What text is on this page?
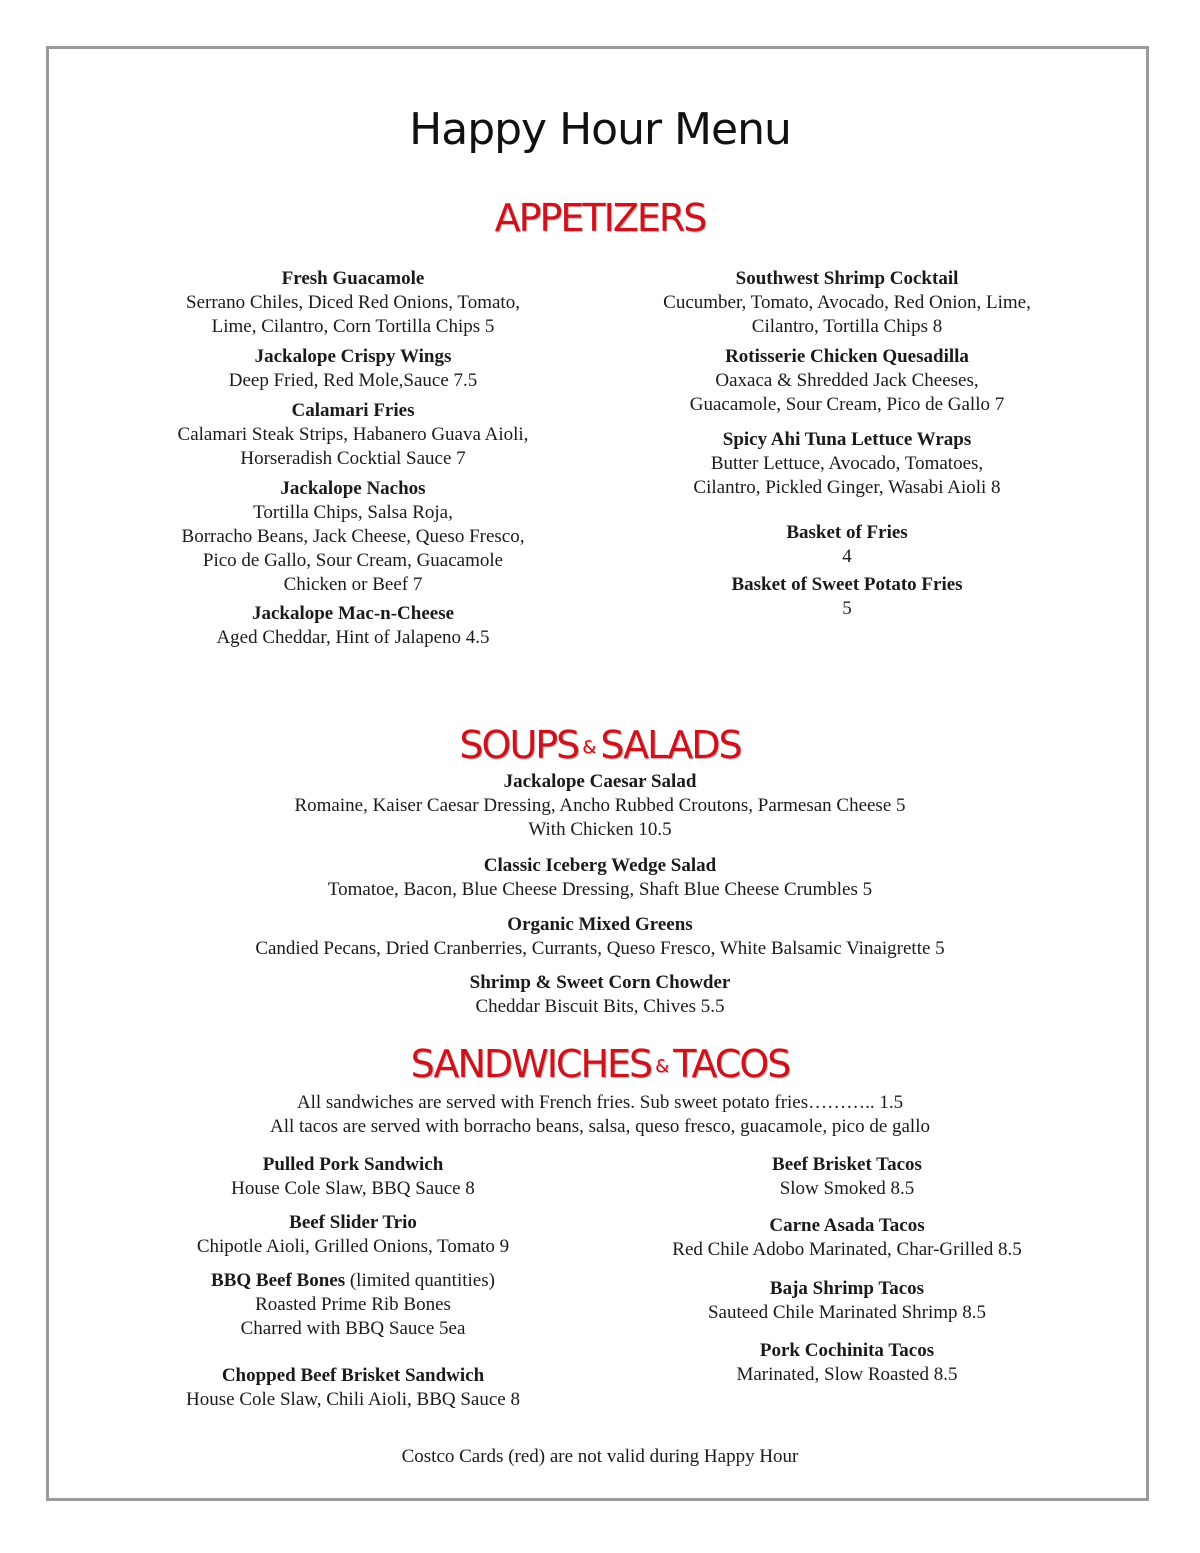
Happy Hour Menu
APPETIZERS
SOUPS & SALADS
SANDWICHES & TACOS
All sandwiches are served with French fries. Sub sweet potato fries……….. 1.5
All tacos are served with borracho beans, salsa, queso fresco, guacamole, pico de gallo
Costco Cards (red) are not valid during Happy Hour
Fresh Guacamole
Serrano Chiles, Diced Red Onions, Tomato,
Lime, Cilantro, Corn Tortilla Chips 5
Jackalope Crispy Wings
Deep Fried, Red Mole,Sauce 7.5
Calamari Fries
Calamari Steak Strips, Habanero Guava Aioli,
Horseradish Cocktial Sauce 7
Jackalope Nachos
Tortilla Chips, Salsa Roja,
Borracho Beans, Jack Cheese, Queso Fresco,
Pico de Gallo, Sour Cream, Guacamole
Chicken or Beef 7
Jackalope Mac-n-Cheese
Aged Cheddar, Hint of Jalapeno 4.5
Southwest Shrimp Cocktail
Cucumber, Tomato, Avocado, Red Onion, Lime,
Cilantro, Tortilla Chips 8
Rotisserie Chicken Quesadilla
Oaxaca & Shredded Jack Cheeses,
Guacamole, Sour Cream, Pico de Gallo 7
Spicy Ahi Tuna Lettuce Wraps
Butter Lettuce, Avocado, Tomatoes,
Cilantro, Pickled Ginger, Wasabi Aioli 8
Basket of Fries
4
Basket of Sweet Potato Fries
5
Jackalope Caesar Salad
Romaine, Kaiser Caesar Dressing, Ancho Rubbed Croutons, Parmesan Cheese 5
With Chicken 10.5
Classic Iceberg Wedge Salad
Tomatoe, Bacon, Blue Cheese Dressing, Shaft Blue Cheese Crumbles 5
Organic Mixed Greens
Candied Pecans, Dried Cranberries, Currants, Queso Fresco, White Balsamic Vinaigrette 5
Shrimp & Sweet Corn Chowder
Cheddar Biscuit Bits, Chives 5.5
Pulled Pork Sandwich
House Cole Slaw, BBQ Sauce 8
Beef Slider Trio
Chipotle Aioli, Grilled Onions, Tomato 9
BBQ Beef Bones (limited quantities)
Roasted Prime Rib Bones
Charred with BBQ Sauce 5ea
Chopped Beef Brisket Sandwich
House Cole Slaw, Chili Aioli, BBQ Sauce 8
Beef Brisket Tacos
Slow Smoked 8.5
Carne Asada Tacos
Red Chile Adobo Marinated, Char-Grilled 8.5
Baja Shrimp Tacos
Sauteed Chile Marinated Shrimp 8.5
Pork Cochinita Tacos
Marinated, Slow Roasted 8.5
